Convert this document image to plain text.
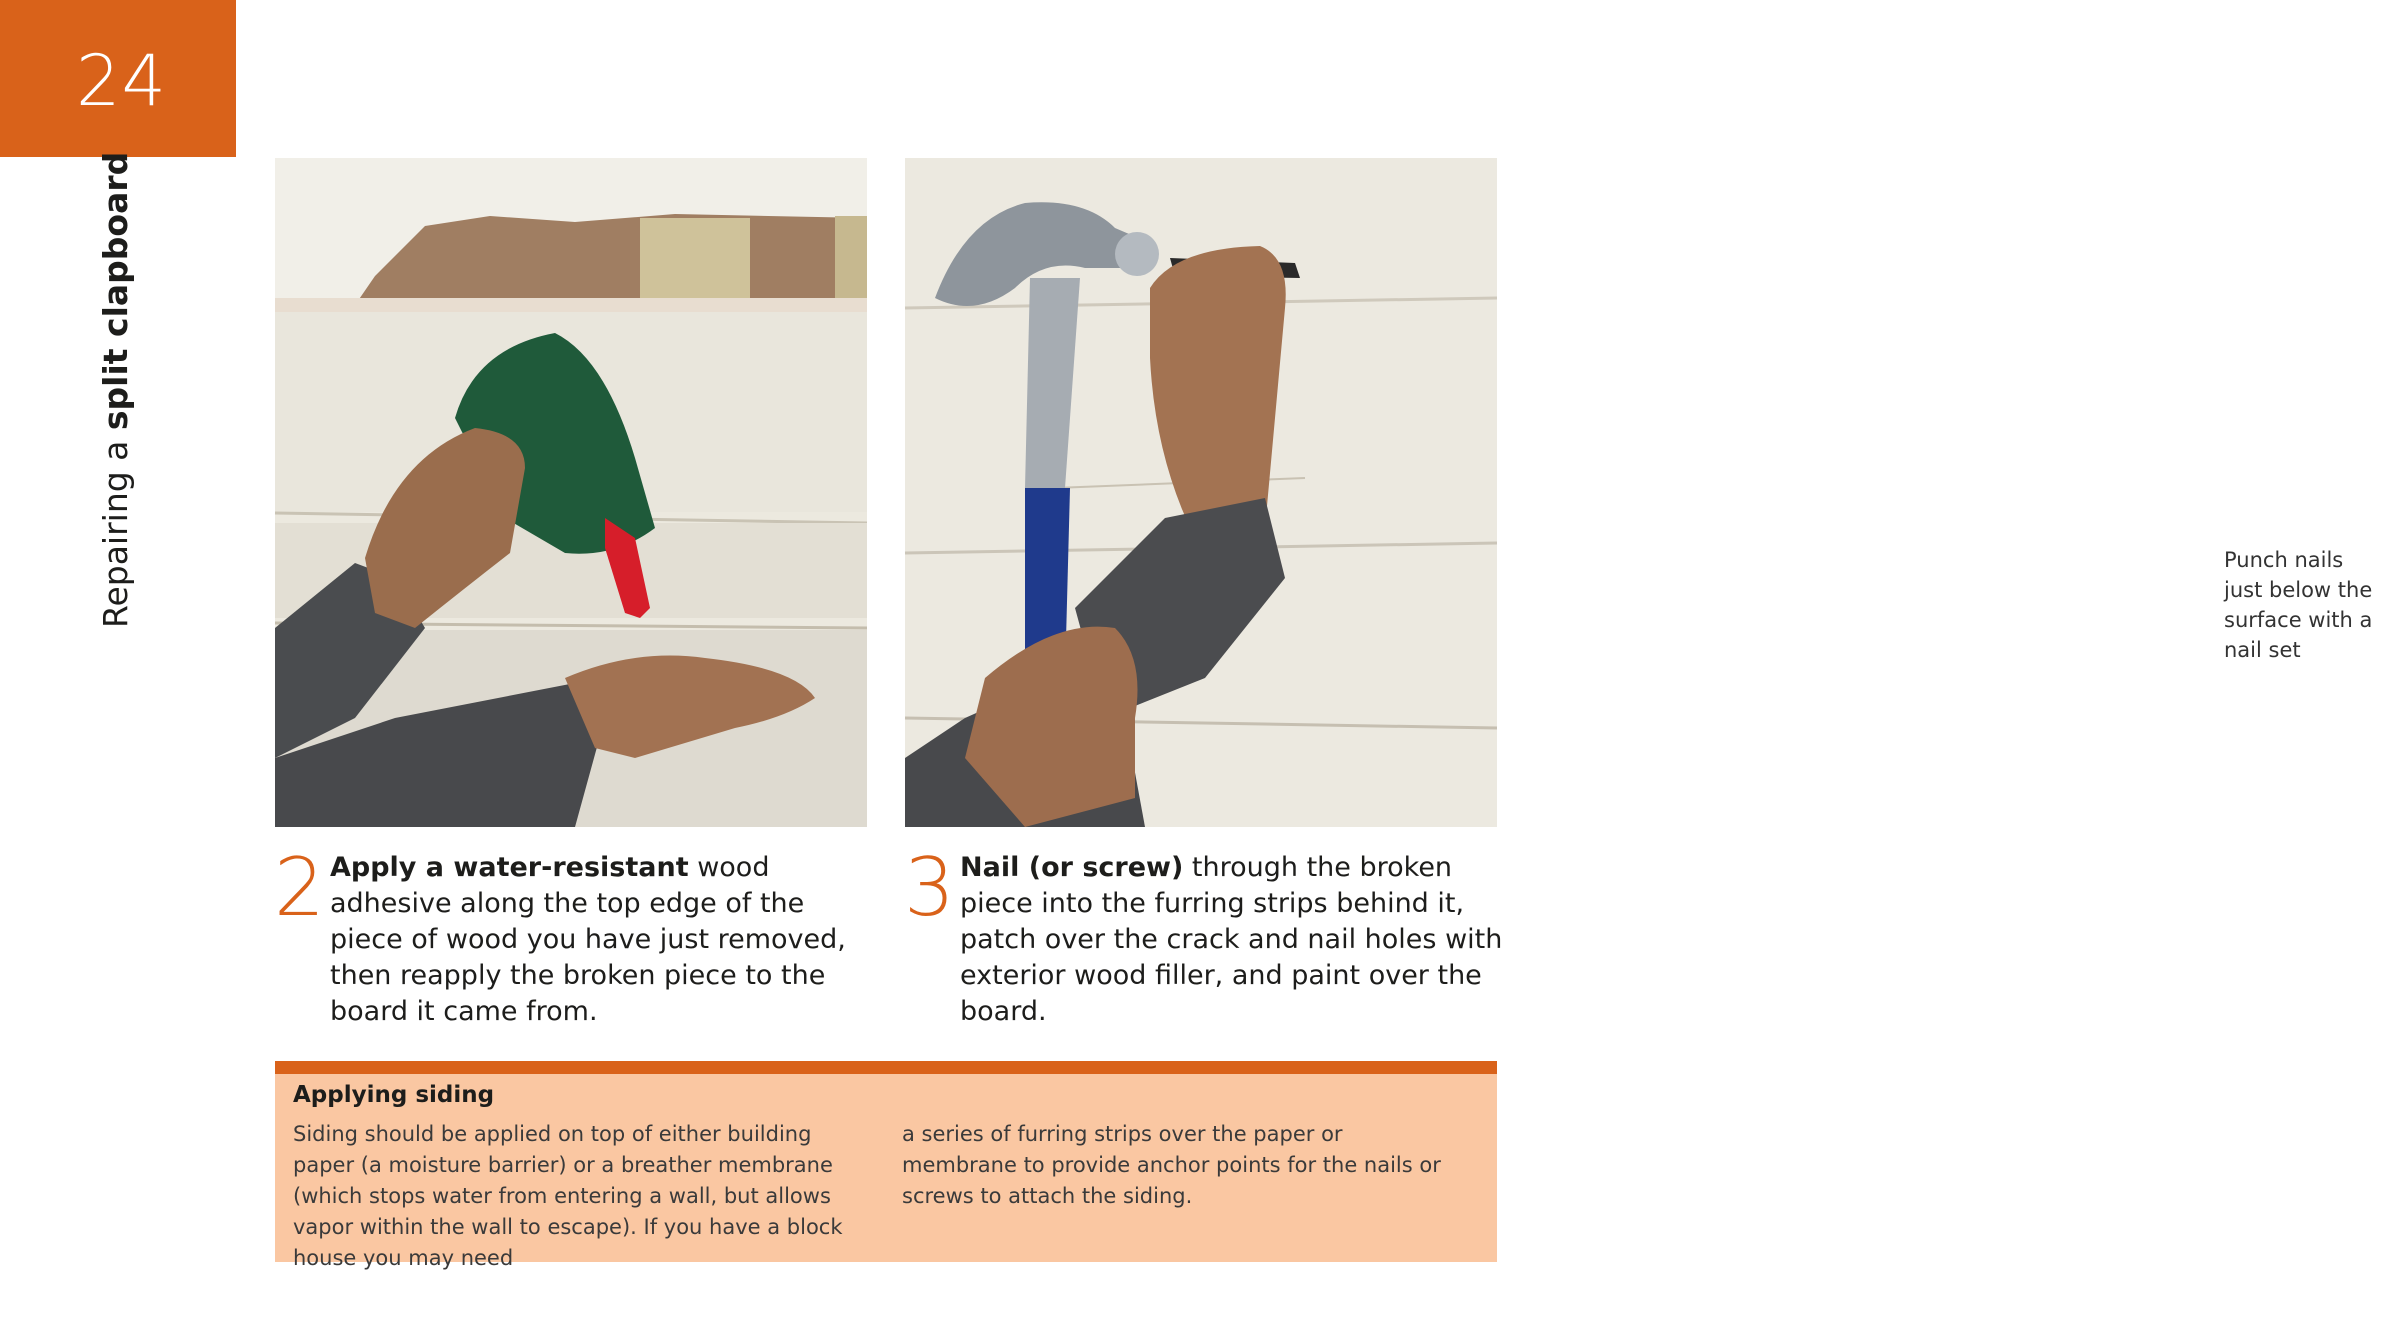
24
Repairing a split clapboard
Punch nails just below the surface with a nail set
2 Apply a water-resistant wood adhesive along the top edge of the piece of wood you have just removed, then reapply the broken piece to the board it came from.
3 Nail (or screw) through the broken piece into the furring strips behind it, patch over the crack and nail holes with exterior wood filler, and paint over the board.
Applying siding
Siding should be applied on top of either building paper (a moisture barrier) or a breather membrane (which stops water from entering a wall, but allows vapor within the wall to escape). If you have a block house you may need
a series of furring strips over the paper or membrane to provide anchor points for the nails or screws to attach the siding.
